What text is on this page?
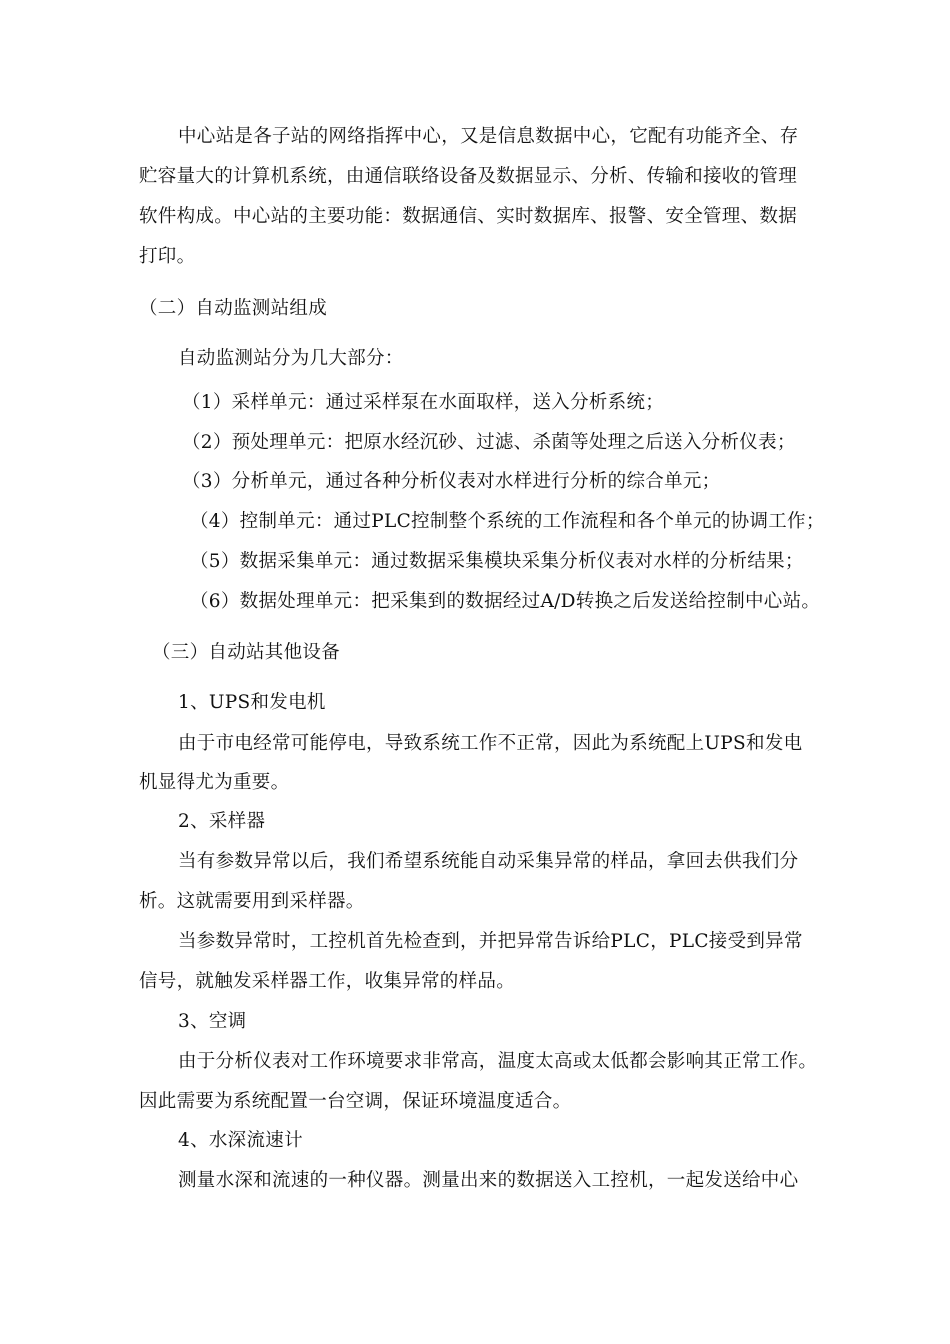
中心站是各子站的网络指挥中心，又是信息数据中心，它配有功能齐全、存
贮容量大的计算机系统，由通信联络设备及数据显示、分析、传输和接收的管理
软件构成。中心站的主要功能：数据通信、实时数据库、报警、安全管理、数据
打印。
（二）自动监测站组成
自动监测站分为几大部分：
（1）采样单元：通过采样泵在水面取样，送入分析系统；
（2）预处理单元：把原水经沉砂、过滤、杀菌等处理之后送入分析仪表；
（3）分析单元，通过各种分析仪表对水样进行分析的综合单元；
（4）控制单元：通过PLC控制整个系统的工作流程和各个单元的协调工作；
（5）数据采集单元：通过数据采集模块采集分析仪表对水样的分析结果；
（6）数据处理单元：把采集到的数据经过A/D转换之后发送给控制中心站。
（三）自动站其他设备
1、UPS和发电机
由于市电经常可能停电，导致系统工作不正常，因此为系统配上UPS和发电
机显得尤为重要。
2、采样器
当有参数异常以后，我们希望系统能自动采集异常的样品，拿回去供我们分
析。这就需要用到采样器。
当参数异常时，工控机首先检查到，并把异常告诉给PLC，PLC接受到异常
信号，就触发采样器工作，收集异常的样品。
3、空调
由于分析仪表对工作环境要求非常高，温度太高或太低都会影响其正常工作。
因此需要为系统配置一台空调，保证环境温度适合。
4、水深流速计
测量水深和流速的一种仪器。测量出来的数据送入工控机，一起发送给中心
